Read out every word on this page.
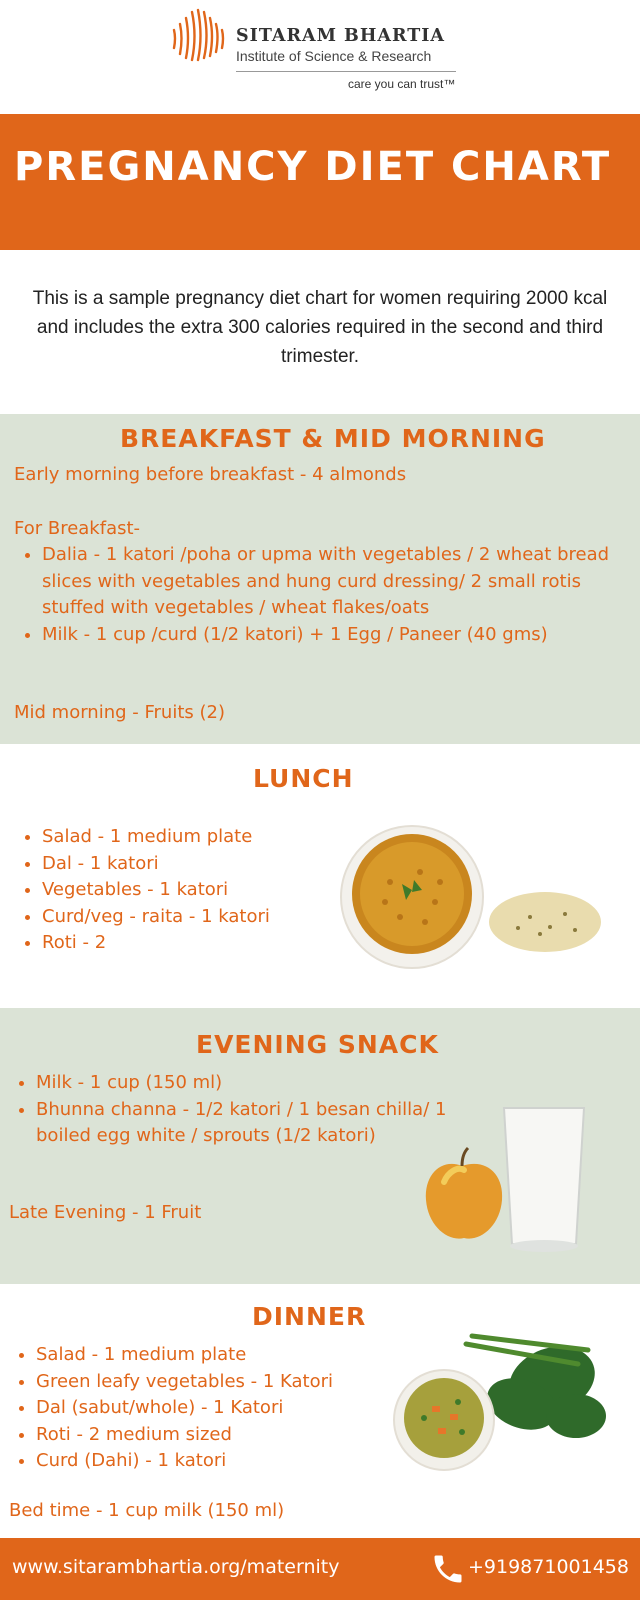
SITARAM BHARTIA
Institute of Science & Research
care you can trust™
PREGNANCY DIET CHART

This is a sample pregnancy diet chart for women requiring 2000 kcal and includes the extra 300 calories required in the second and third trimester.

BREAKFAST & MID MORNING

Early morning before breakfast - 4 almonds

For Breakfast-

• Dalia - 1 katori /poha or upma with vegetables / 2 wheat bread slices with vegetables and hung curd dressing/ 2 small rotis stuffed with vegetables / wheat flakes/oats
• Milk - 1 cup /curd (1/2 katori) + 1 Egg / Paneer (40 gms)

Mid morning - Fruits (2)

LUNCH
• Salad - 1 medium plate
• Dal - 1 katori
• Vegetables - 1 katori
• Curd/veg - raita - 1 katori
• Roti - 2
EVENING SNACK
• Milk - 1 cup (150 ml)
• Bhunna channa - 1/2 katori / 1 besan chilla/ 1 boiled egg white / sprouts (1/2 katori)

Late Evening - 1 Fruit

DINNER
• Salad - 1 medium plate
• Green leafy vegetables - 1 Katori
• Dal (sabut/whole) - 1 Katori
• Roti - 2 medium sized
• Curd (Dahi) - 1 katori

Bed time - 1 cup milk (150 ml)

www.sitarambhartia.org/maternity	+919871001458
